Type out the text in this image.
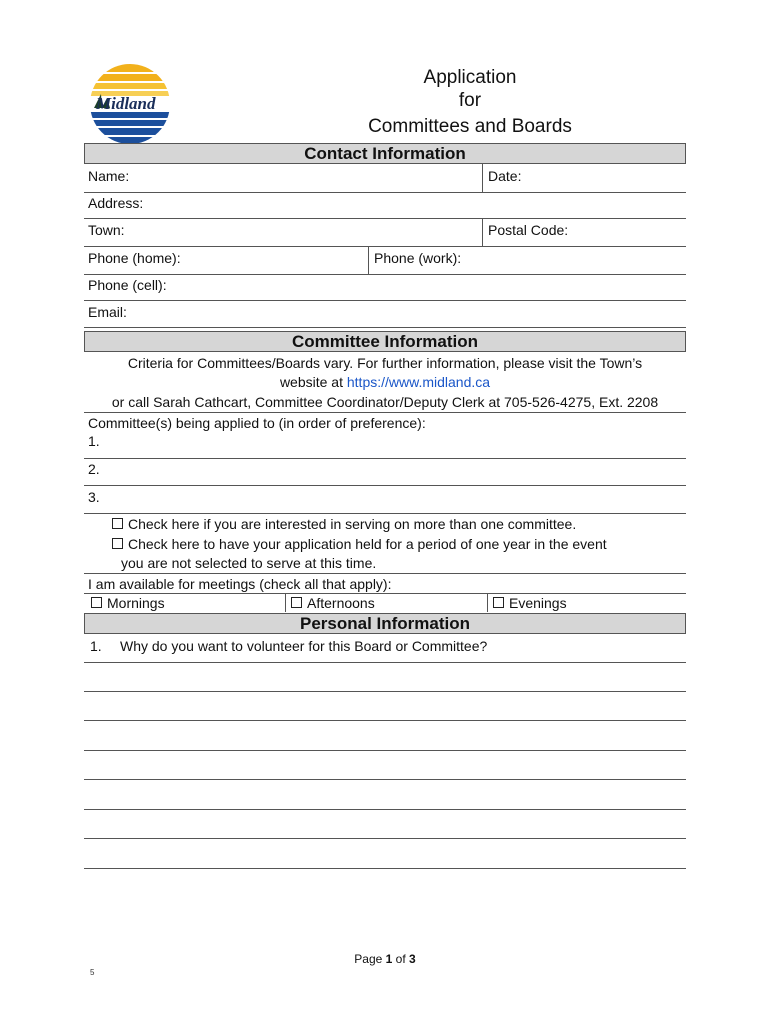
Midland
Application
for
Committees and Boards
Contact Information
Name:	Date:
Address:
Town:	Postal Code:
Phone (home):	Phone (work):
Phone (cell):
Email:
Committee Information
Criteria for Committees/Boards vary. For further information, please visit the Town’s
website at https://www.midland.ca
or call Sarah Cathcart, Committee Coordinator/Deputy Clerk at 705-526-4275, Ext. 2208
Committee(s) being applied to (in order of preference):
1.
2.
3.
Check here if you are interested in serving on more than one committee.
Check here to have your application held for a period of one year in the event
you are not selected to serve at this time.
I am available for meetings (check all that apply):
Mornings	Afternoons	Evenings
Personal Information
1. Why do you want to volunteer for this Board or Committee?
Page 1 of 3
5
